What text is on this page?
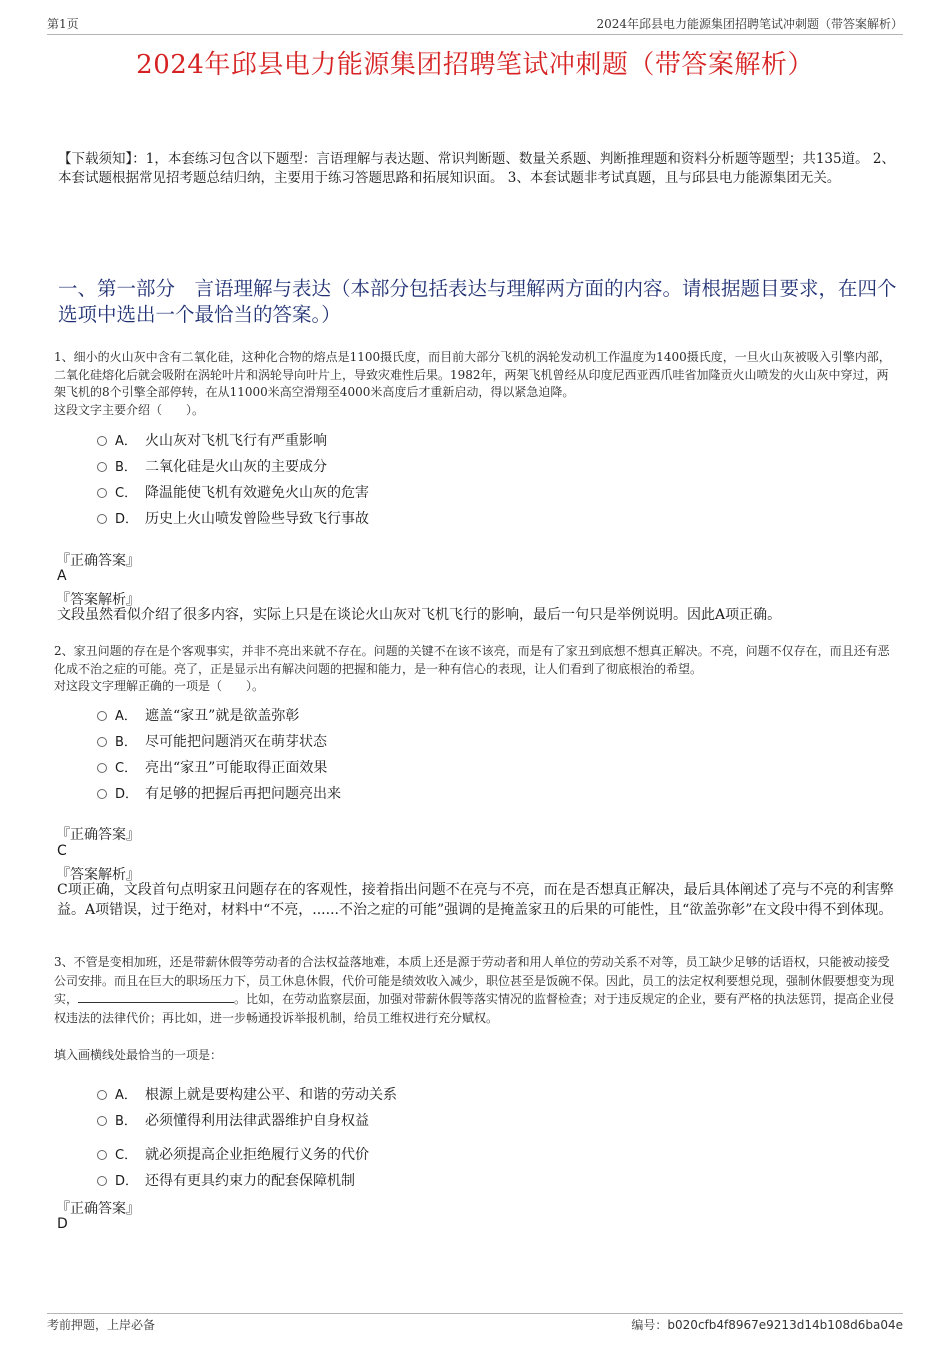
第1页	2024年邱县电力能源集团招聘笔试冲刺题（带答案解析）
2024年邱县电力能源集团招聘笔试冲刺题（带答案解析）
【下载须知】：1，本套练习包含以下题型：言语理解与表达题、常识判断题、数量关系题、判断推理题和资料分析题等题型；共135道。 2、本套试题根据常见招考题总结归纳，主要用于练习答题思路和拓展知识面。 3、本套试题非考试真题，且与邱县电力能源集团无关。
一、第一部分　言语理解与表达（本部分包括表达与理解两方面的内容。请根据题目要求，在四个选项中选出一个最恰当的答案。）
1、细小的火山灰中含有二氧化硅，这种化合物的熔点是1100摄氏度，而目前大部分飞机的涡轮发动机工作温度为1400摄氏度，一旦火山灰被吸入引擎内部，二氧化硅熔化后就会吸附在涡轮叶片和涡轮导向叶片上，导致灾难性后果。1982年，两架飞机曾经从印度尼西亚西爪哇省加隆贡火山喷发的火山灰中穿过，两架飞机的8个引擎全部停转，在从11000米高空滑翔至4000米高度后才重新启动，得以紧急迫降。
这段文字主要介绍（　　）。
A． 火山灰对飞机飞行有严重影响
B． 二氧化硅是火山灰的主要成分
C． 降温能使飞机有效避免火山灰的危害
D． 历史上火山喷发曾险些导致飞行事故
『正确答案』
A
『答案解析』
文段虽然看似介绍了很多内容，实际上只是在谈论火山灰对飞机飞行的影响，最后一句只是举例说明。因此A项正确。
2、家丑问题的存在是个客观事实，并非不亮出来就不存在。问题的关键不在该不该亮，而是有了家丑到底想不想真正解决。不亮，问题不仅存在，而且还有恶化成不治之症的可能。亮了，正是显示出有解决问题的把握和能力，是一种有信心的表现，让人们看到了彻底根治的希望。
对这段文字理解正确的一项是（　　）。
A． 遮盖“家丑”就是欲盖弥彰
B． 尽可能把问题消灭在萌芽状态
C． 亮出“家丑”可能取得正面效果
D． 有足够的把握后再把问题亮出来
『正确答案』
C
『答案解析』
C项正确，文段首句点明家丑问题存在的客观性，接着指出问题不在亮与不亮，而在是否想真正解决，最后具体阐述了亮与不亮的利害弊益。A项错误，过于绝对，材料中“不亮，......不治之症的可能”强调的是掩盖家丑的后果的可能性，且“欲盖弥彰”在文段中得不到体现。
3、不管是变相加班，还是带薪休假等劳动者的合法权益落地难，本质上还是源于劳动者和用人单位的劳动关系不对等，员工缺少足够的话语权，只能被动接受公司安排。而且在巨大的职场压力下，员工休息休假，代价可能是绩效收入减少，职位甚至是饭碗不保。因此，员工的法定权利要想兑现，强制休假要想变为现实，	。比如，在劳动监察层面，加强对带薪休假等落实情况的监督检查；对于违反规定的企业，要有严格的执法惩罚，提高企业侵权违法的法律代价；再比如，进一步畅通投诉举报机制，给员工维权进行充分赋权。
填入画横线处最恰当的一项是：
A． 根源上就是要构建公平、和谐的劳动关系
B． 必须懂得利用法律武器维护自身权益
C． 就必须提高企业拒绝履行义务的代价
D． 还得有更具约束力的配套保障机制
『正确答案』
D
考前押题，上岸必备	编号：b020cfb4f8967e9213d14b108d6ba04e
